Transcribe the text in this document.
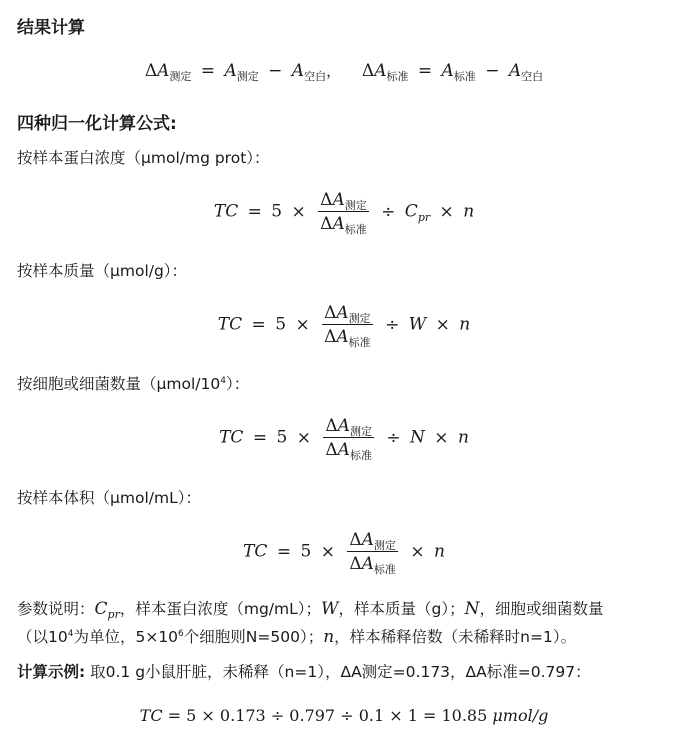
结果计算
$\Delta A_{测定} = A_{测定} - A_{空白}$， $\Delta A_{标准} = A_{标准} - A_{空白}$
四种归一化计算公式:
按样本蛋白浓度（μmol/mg prot）：
TC = $5 \times \frac{\Delta A_{测定}}{\Delta A_{标准}} \div C_{pr} \times n$
按样本质量（μmol/g）：
TC = $5 \times \frac{\Delta A_{测定}}{\Delta A_{标准}} \div W \times n$
按细胞或细菌数量$(\mu mol/10^4)$：
TC = $5 \times \frac{\Delta A_{测定}}{\Delta A_{标准}} \div N \times n$
按样本体积（μmol/mL）：
TC = $5 \times \frac{\Delta A_{测定}}{\Delta A_{标准}} \times n$
参数说明：$C_{pr}$，样本蛋白浓度（mg/mL）；W，样本质量（g）；N，细胞或细菌数量
（以$10^4$为单位，$5\times 10^6$个细胞则N=500）；n，样本稀释倍数（未稀释时n=1）。
计算示例: 取0.1 g小鼠肝脏，未稀释（n=1），ΔA测定=0.173，ΔA标准=0.797：
TC = 5 × 0.173 ÷ 0.797 ÷ 0.1 × 1 = 10.85 μmol/g
